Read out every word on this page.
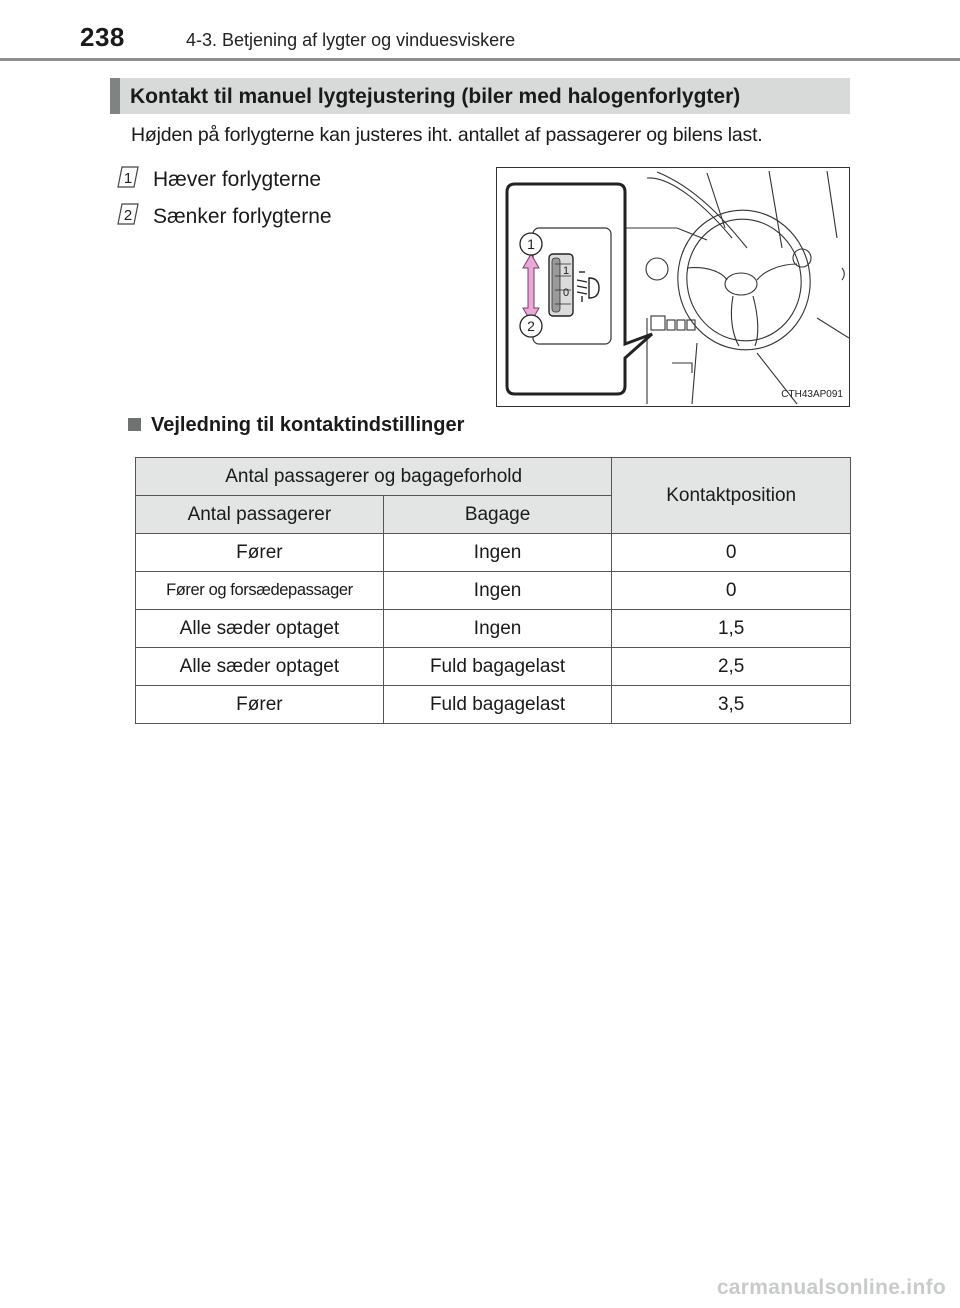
238	4-3. Betjening af lygter og vinduesviskere
Kontakt til manuel lygtejustering (biler med halogenforlygter)
Højden på forlygterne kan justeres iht. antallet af passagerer og bilens last.
1 Hæver forlygterne
2 Sænker forlygterne
1
0
1
2
CTH43AP091
Vejledning til kontaktindstillinger
Antal passagerer og bagageforhold		Kontaktposition
Antal passagerer	Bagage	
Fører	Ingen	0
Fører og forsædepassager	Ingen	0
Alle sæder optaget	Ingen	1,5
Alle sæder optaget	Fuld bagagelast	2,5
Fører	Fuld bagagelast	3,5
carmanualsonline.info
